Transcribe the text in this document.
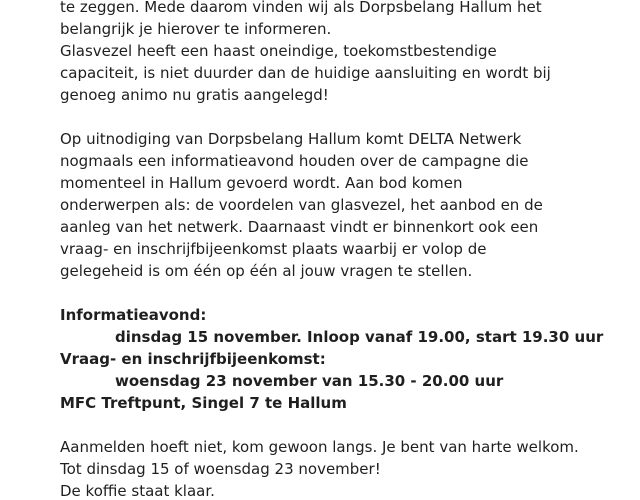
te zeggen. Mede daarom vinden wij als Dorpsbelang Hallum het
belangrijk je hierover te informeren.
Glasvezel heeft een haast oneindige, toekomstbestendige
capaciteit, is niet duurder dan de huidige aansluiting en wordt bij
genoeg animo nu gratis aangelegd!
Op uitnodiging van Dorpsbelang Hallum komt DELTA Netwerk
nogmaals een informatieavond houden over de campagne die
momenteel in Hallum gevoerd wordt. Aan bod komen
onderwerpen als: de voordelen van glasvezel, het aanbod en de
aanleg van het netwerk. Daarnaast vindt er binnenkort ook een
vraag- en inschrijfbijeenkomst plaats waarbij er volop de
gelegeheid is om één op één al jouw vragen te stellen.
Informatieavond:
dinsdag 15 november. Inloop vanaf 19.00, start 19.30 uur
Vraag- en inschrijfbijeenkomst:
woensdag 23 november van 15.30 - 20.00 uur
MFC Treftpunt, Singel 7 te Hallum
Aanmelden hoeft niet, kom gewoon langs. Je bent van harte welkom.
Tot dinsdag 15 of woensdag 23 november!
De koffie staat klaar.
